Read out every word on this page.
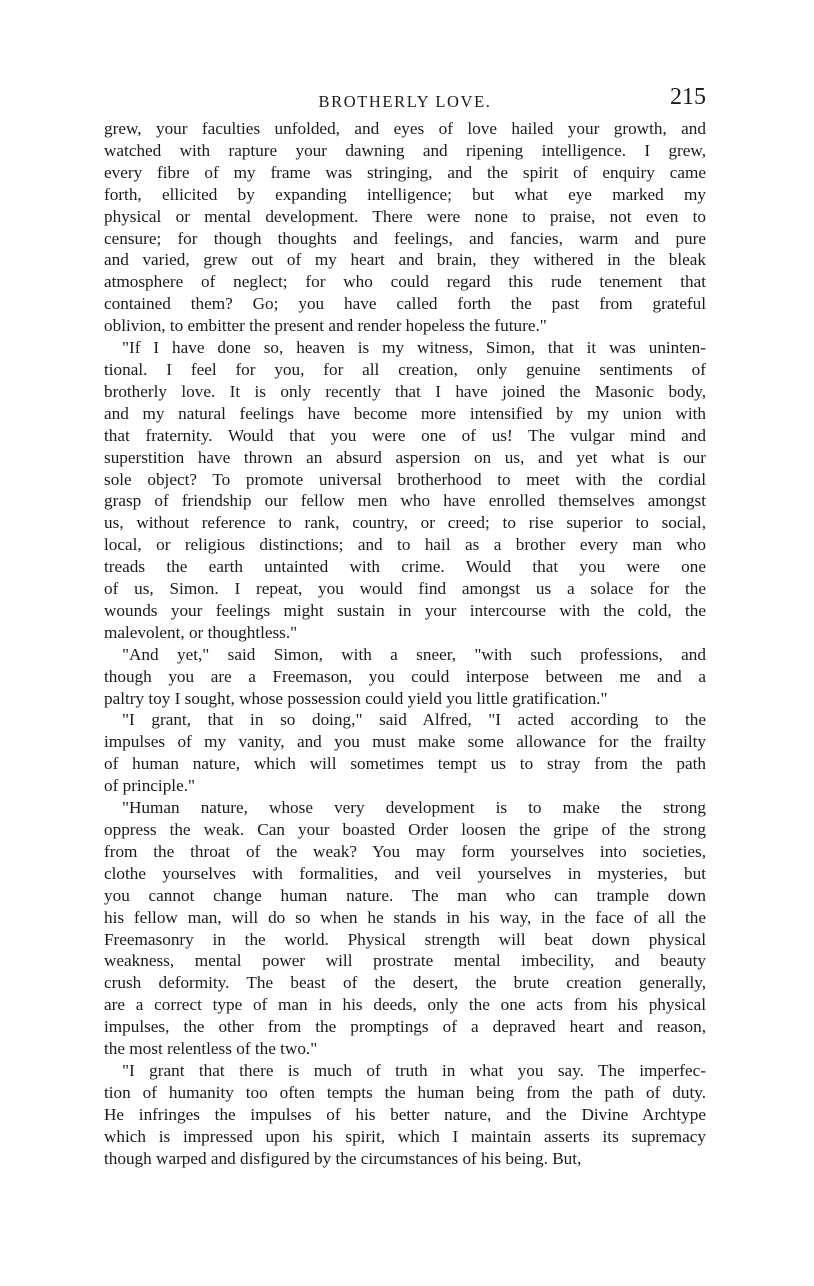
BROTHERLY LOVE.	215
grew, your faculties unfolded, and eyes of love hailed your growth, and
watched with rapture your dawning and ripening intelligence. I grew,
every fibre of my frame was stringing, and the spirit of enquiry came
forth, ellicited by expanding intelligence; but what eye marked my
physical or mental development. There were none to praise, not even to
censure; for though thoughts and feelings, and fancies, warm and pure
and varied, grew out of my heart and brain, they withered in the bleak
atmosphere of neglect; for who could regard this rude tenement that
contained them? Go; you have called forth the past from grateful
oblivion, to embitter the present and render hopeless the future."
"If I have done so, heaven is my witness, Simon, that it was uninten-
tional. I feel for you, for all creation, only genuine sentiments of
brotherly love. It is only recently that I have joined the Masonic body,
and my natural feelings have become more intensified by my union with
that fraternity. Would that you were one of us! The vulgar mind and
superstition have thrown an absurd aspersion on us, and yet what is our
sole object? To promote universal brotherhood to meet with the cordial
grasp of friendship our fellow men who have enrolled themselves amongst
us, without reference to rank, country, or creed; to rise superior to social,
local, or religious distinctions; and to hail as a brother every man who
treads the earth untainted with crime. Would that you were one
of us, Simon. I repeat, you would find amongst us a solace for the
wounds your feelings might sustain in your intercourse with the cold, the
malevolent, or thoughtless."
"And yet," said Simon, with a sneer, "with such professions, and
though you are a Freemason, you could interpose between me and a
paltry toy I sought, whose possession could yield you little gratification."
"I grant, that in so doing," said Alfred, "I acted according to the
impulses of my vanity, and you must make some allowance for the frailty
of human nature, which will sometimes tempt us to stray from the path
of principle."
"Human nature, whose very development is to make the strong
oppress the weak. Can your boasted Order loosen the gripe of the strong
from the throat of the weak? You may form yourselves into societies,
clothe yourselves with formalities, and veil yourselves in mysteries, but
you cannot change human nature. The man who can trample down
his fellow man, will do so when he stands in his way, in the face of all the
Freemasonry in the world. Physical strength will beat down physical
weakness, mental power will prostrate mental imbecility, and beauty
crush deformity. The beast of the desert, the brute creation generally,
are a correct type of man in his deeds, only the one acts from his physical
impulses, the other from the promptings of a depraved heart and reason,
the most relentless of the two."
"I grant that there is much of truth in what you say. The imperfec-
tion of humanity too often tempts the human being from the path of duty.
He infringes the impulses of his better nature, and the Divine Archtype
which is impressed upon his spirit, which I maintain asserts its supremacy
though warped and disfigured by the circumstances of his being. But,
